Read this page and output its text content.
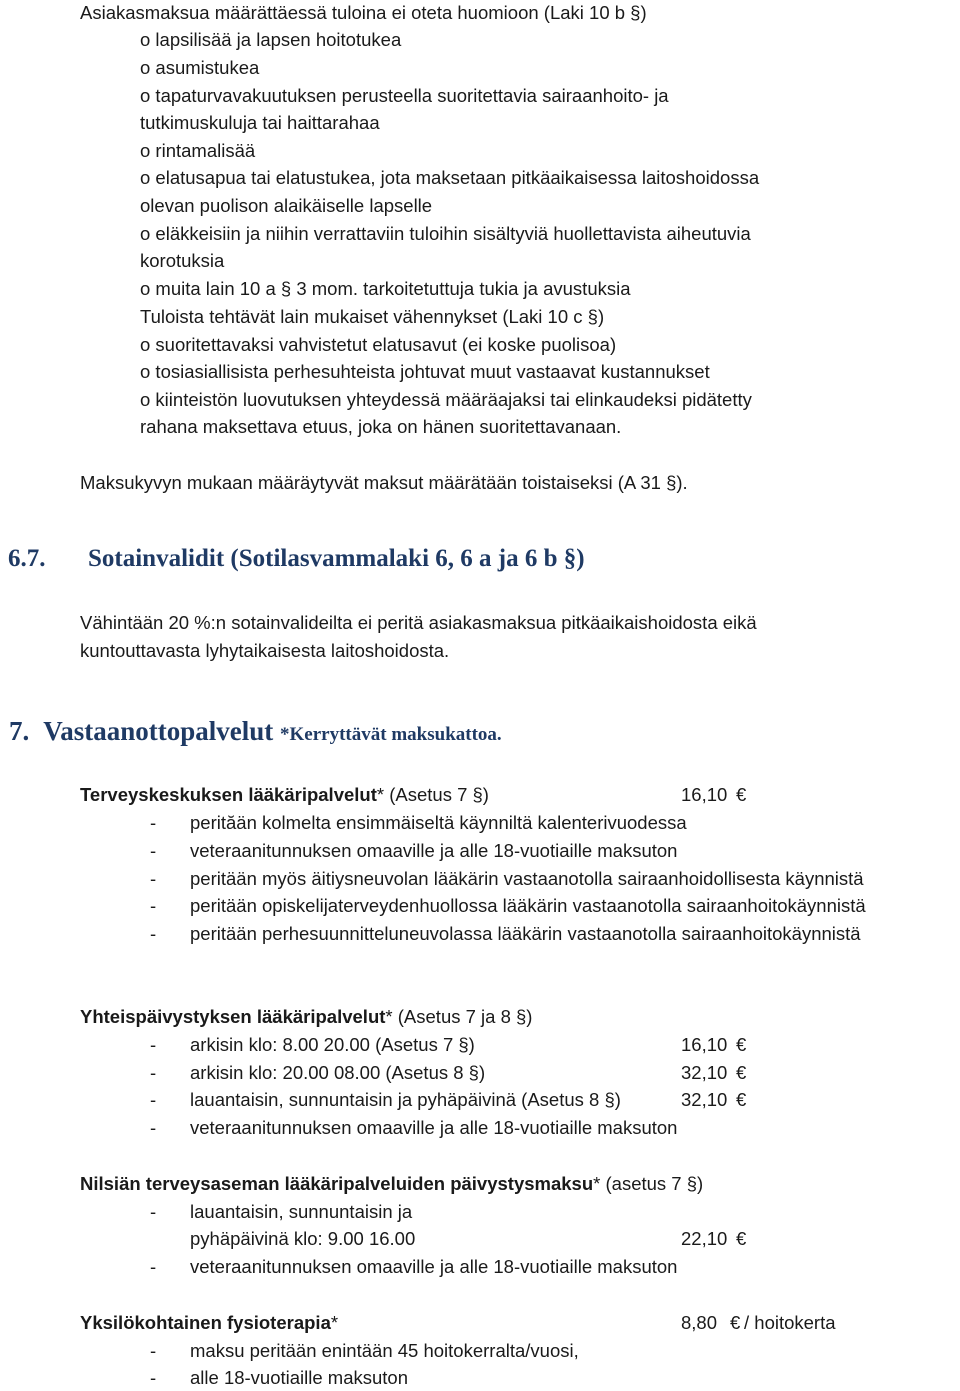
Asiakasmaksua määrättäessä tuloina ei oteta huomioon (Laki 10 b §)
o lapsilisää ja lapsen hoitotukea
o asumistukea
o tapaturvavakuutuksen perusteella suoritettavia sairaanhoito- ja
tutkimuskuluja tai haittarahaa
o rintamalisää
o elatusapua tai elatustukea, jota maksetaan pitkäaikaisessa laitoshoidossa
olevan puolison alaikäiselle lapselle
o eläkkeisiin ja niihin verrattaviin tuloihin sisältyviä huollettavista aiheutuvia
korotuksia
o muita lain 10 a § 3 mom. tarkoitetuttuja tukia ja avustuksia
Tuloista tehtävät lain mukaiset vähennykset (Laki 10 c §)
o suoritettavaksi vahvistetut elatusavut (ei koske puolisoa)
o tosiasiallisista perhesuhteista johtuvat muut vastaavat kustannukset
o kiinteistön luovutuksen yhteydessä määräajaksi tai elinkaudeksi pidätetty
rahana maksettava etuus, joka on hänen suoritettavanaan.
Maksukyvyn mukaan määräytyvät maksut määrätään toistaiseksi (A 31 §).
6.7. Sotainvalidit (Sotilasvammalaki 6, 6 a ja 6 b §)
Vähintään 20 %:n sotainvalideilta ei peritä asiakasmaksua pitkäaikaishoidosta eikä
kuntouttavasta lyhytaikaisesta laitoshoidosta.
7. Vastaanottopalvelut *Kerryttävät maksukattoa.
Terveyskeskuksen lääkäripalvelut* (Asetus 7 §)	16,10 €
- perităän kolmelta ensimmäiseltä käynniltä kalenterivuodessa
- veteraanitunnuksen omaaville ja alle 18-vuotiaille maksuton
- peritään myös äitiysneuvolan lääkärin vastaanotolla sairaanhoidollisesta käynnistä
- peritään opiskelijaterveydenhuollossa lääkärin vastaanotolla sairaanhoitokäynnistä
- peritään perhesuunnitteluneuvolassa lääkärin vastaanotolla sairaanhoitokäynnistä
Yhteispäivystyksen lääkäripalvelut* (Asetus 7 ja 8 §)
- arkisin klo: 8.00 20.00 (Asetus 7 §)	16,10 €
- arkisin klo: 20.00 08.00 (Asetus 8 §)	32,10 €
- lauantaisin, sunnuntaisin ja pyhäpäivinä (Asetus 8 §)	32,10 €
- veteraanitunnuksen omaaville ja alle 18-vuotiaille maksuton
Nilsiän terveysaseman lääkäripalveluiden päivystysmaksu* (asetus 7 §)
- lauantaisin, sunnuntaisin ja
pyhäpäivinä klo: 9.00 16.00	22,10 €
- veteraanitunnuksen omaaville ja alle 18-vuotiaille maksuton
Yksilökohtainen fysioterapia*	8,80 € / hoitokerta
- maksu peritään enintään 45 hoitokerralta/vuosi,
- alle 18-vuotiaille maksuton
